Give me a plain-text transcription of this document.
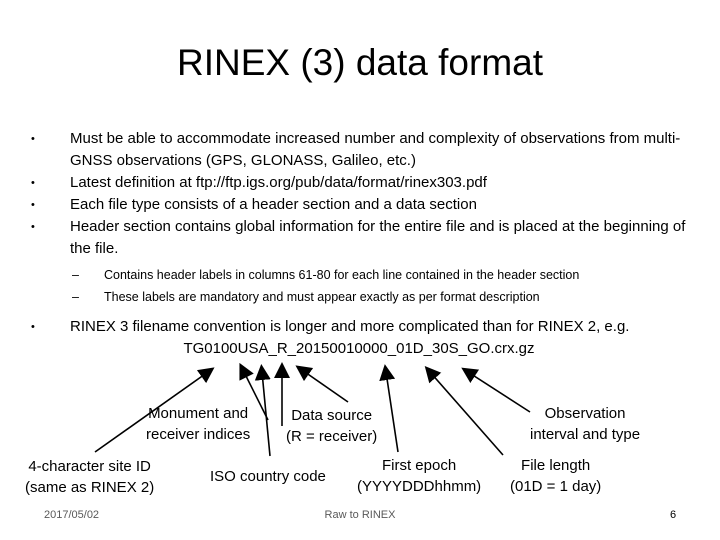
RINEX (3) data format
• Must be able to accommodate increased number and complexity of observations from multi-GNSS observations (GPS, GLONASS, Galileo, etc.)
• Latest definition at ftp://ftp.igs.org/pub/data/format/rinex303.pdf
• Each file type consists of a header section and a data section
• Header section contains global information for the entire file and is placed at the beginning of the file.
– Contains header labels in columns 61-80 for each line contained in the header section
– These labels are mandatory and must appear exactly as per format description
• RINEX 3 filename convention is longer and more complicated than for RINEX 2, e.g.
TG0100USA_R_20150010000_01D_30S_GO.crx.gz
Monument and
receiver indices
Data source
(R = receiver)
Observation
interval and type
4-character site ID
(same as RINEX 2)
ISO country code
First epoch
(YYYYDDDhhmm)
File length
(01D = 1 day)
2017/05/02	Raw to RINEX	6
